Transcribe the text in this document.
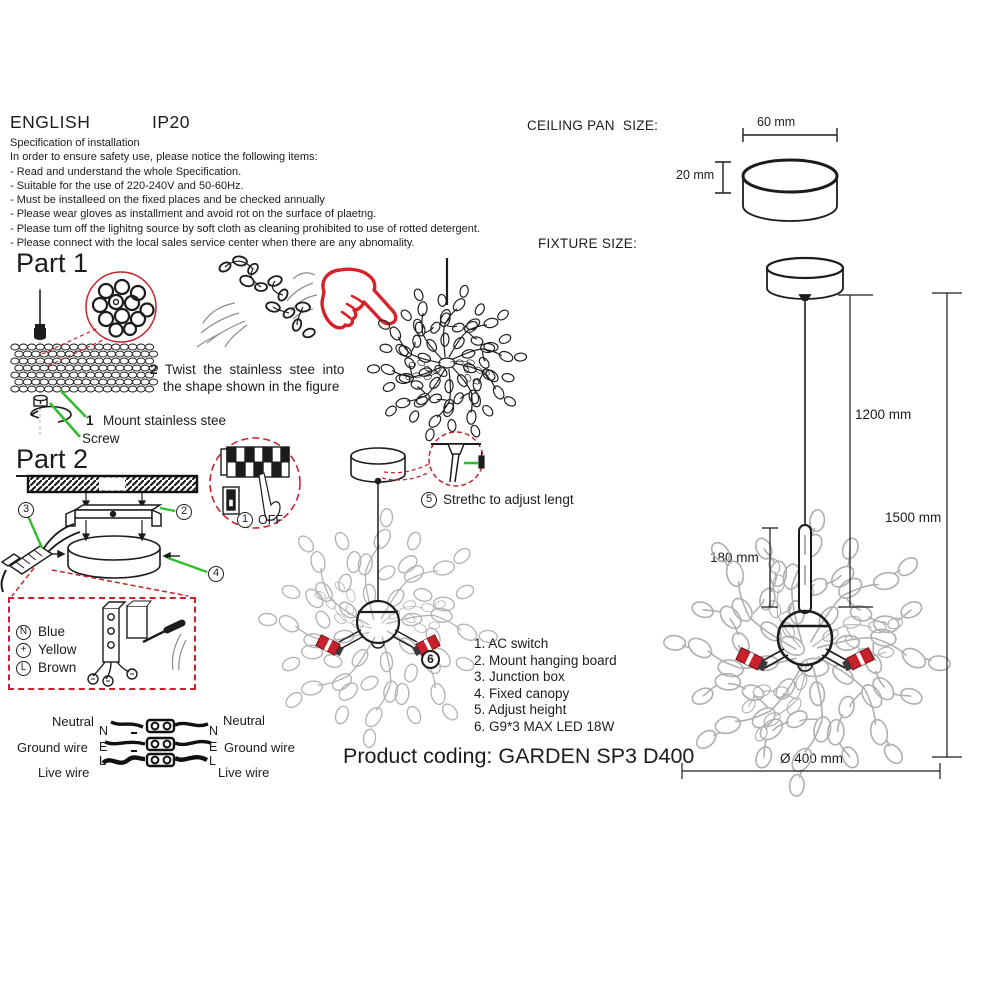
ENGLISH	IP20
Specification of installation
In order to ensure safety use, please notice the following items:
- Read and understand the whole Specification.
- Suitable for the use of 220-240V and 50-60Hz.
- Must be installeed on the fixed places and be checked annually
- Please wear gloves as installment and avoid rot on the surface of plaetng.
- Please tum off the lighitng source by soft cloth as cleaning prohibited to use of rotted detergent.
- Please connect with the local sales service center when there are any abnomality.
CEILING PAN  SIZE:	60 mm
20 mm
FIXTURE SIZE:
1200 mm
1500 mm
180 mm
Ø 400 mm
Part 1
1 Mount stainless stee
Screw
2 Twist  the  stainless  stee  into
the shape shown in the figure
Part 2
3	2
4
1 OFF
N Blue
+ Yellow
L Brown
5 Strethc to adjust lengt
6
1. AC switch
2. Mount hanging board
3. Junction box
4. Fixed canopy
5. Adjust height
6. G9*3 MAX LED 18W
Product coding: GARDEN SP3 D400
Neutral
Ground wire
Live wire
N
E
L
N
E
L
Neutral
Ground wire
Live wire
